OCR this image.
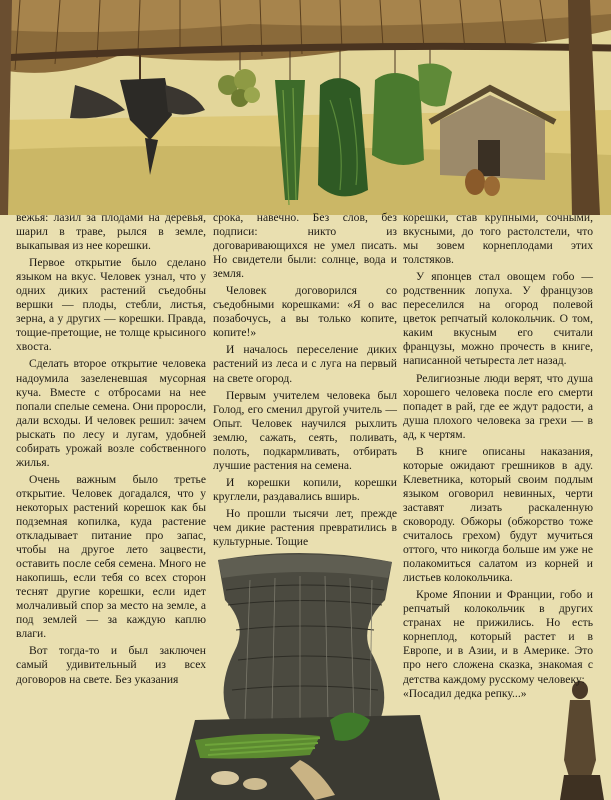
вежья: лазил за плодами на деревья, шарил в траве, рылся в земле, выкапывая из нее корешки.

Первое открытие было сделано языком на вкус. Человек узнал, что у одних диких растений съедобны вершки — плоды, стебли, листья, зерна, а у других — корешки. Правда, тощие-претощие, не толще крысиного хвоста.

Сделать второе открытие человека надоумила зазеленевшая мусорная куча. Вместе с отбросами на нее попали спелые семена. Они проросли, дали всходы. И человек решил: зачем рыскать по лесу и лугам, удобней собирать урожай возле собственного жилья.

Очень важным было третье открытие. Человек догадался, что у некоторых растений корешок как бы подземная копилка, куда растение откладывает питание про запас, чтобы на другое лето зацвести, оставить после себя семена. Много не накопишь, если тебя со всех сторон теснят другие корешки, если идет молчаливый спор за место на земле, а под землей — за каждую каплю влаги.

Вот тогда-то и был заключен самый удивительный из всех договоров на свете. Без указания

срока, навечно. Без слов, без подписи: никто из договаривающихся не умел писать. Но свидетели были: солнце, вода и земля.

Человек договорился со съедобными корешками: «Я о вас позабочусь, а вы только копите, копите!»

И началось переселение диких растений из леса и с луга на первый на свете огород.

Первым учителем человека был Голод, его сменил другой учитель — Опыт. Человек научился рыхлить землю, сажать, сеять, поливать, полоть, подкармливать, отбирать лучшие растения на семена.

И корешки копили, корешки круглели, раздавались вширь.

Но прошли тысячи лет, прежде чем дикие растения превратились в культурные. Тощие

корешки, став крупными, сочными, вкусными, до того растолстели, что мы зовем корнеплодами этих толстяков.

У японцев стал овощем гобо — родственник лопуха. У французов переселился на огород полевой цветок репчатый колокольчик. О том, каким вкусным его считали французы, можно прочесть в книге, написанной четыреста лет назад.

Религиозные люди верят, что душа хорошего человека после его смерти попадет в рай, где ее ждут радости, а душа плохого человека за грехи — в ад, к чертям.

В книге описаны наказания, которые ожидают грешников в аду. Клеветника, который своим подлым языком оговорил невинных, черти заставят лизать раскаленную сковороду. Обжоры (обжорство тоже считалось грехом) будут мучиться оттого, что никогда больше им уже не полакомиться салатом из корней и листьев колокольчика.

Кроме Японии и Франции, гобо и репчатый колокольчик в других странах не прижились. Но есть корнеплод, который растет и в Европе, и в Азии, и в Америке. Это про него сложена сказка, знакомая с детства каждому русскому человеку:

«Посадил дедка репку...»
